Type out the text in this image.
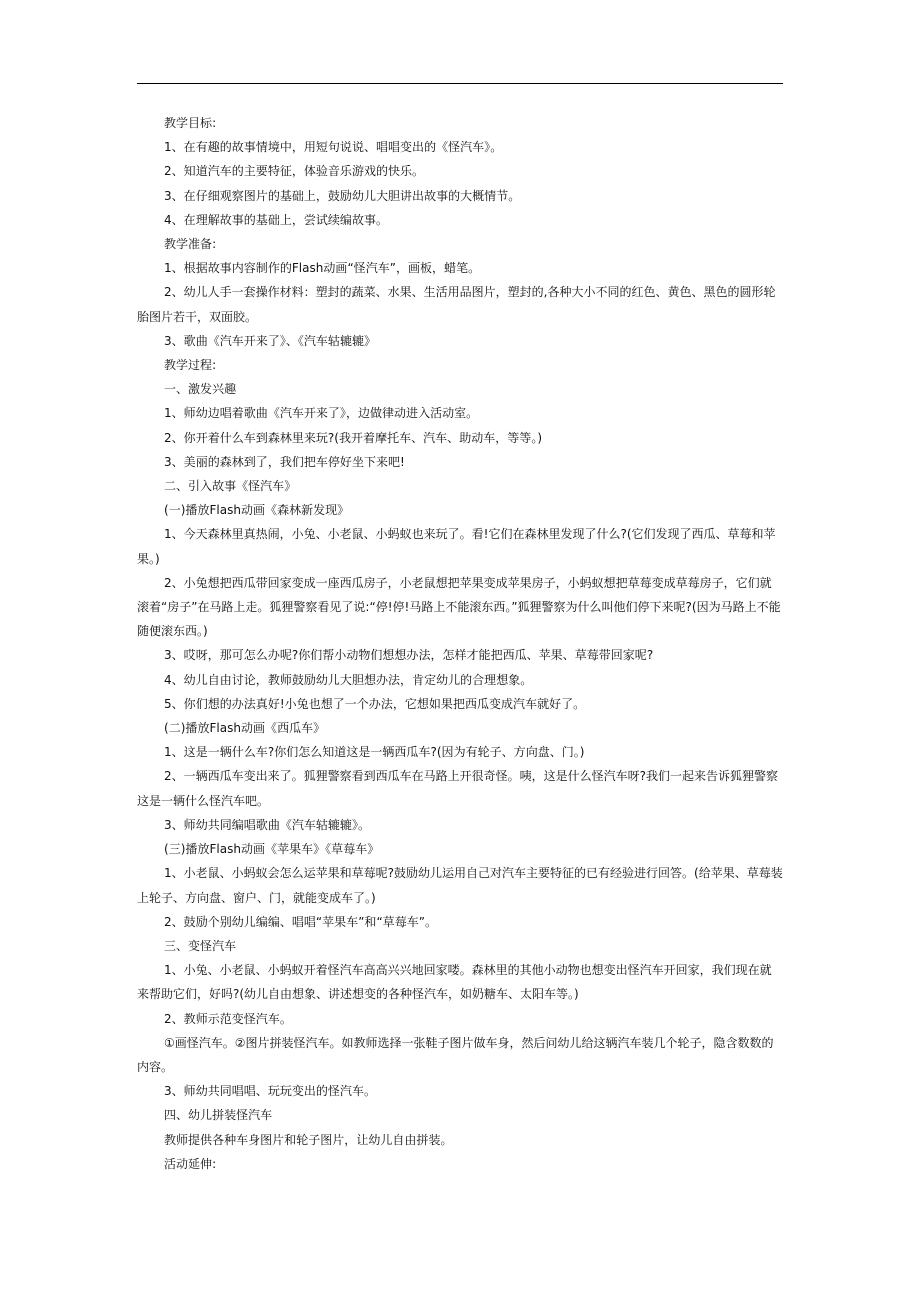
教学目标:
1、在有趣的故事情境中，用短句说说、唱唱变出的《怪汽车》。
2、知道汽车的主要特征，体验音乐游戏的快乐。
3、在仔细观察图片的基础上，鼓励幼儿大胆讲出故事的大概情节。
4、在理解故事的基础上，尝试续编故事。
教学准备:
1、根据故事内容制作的Flash动画“怪汽车”，画板，蜡笔。
2、幼儿人手一套操作材料：塑封的蔬菜、水果、生活用品图片，塑封的,各种大小不同的红色、黄色、黑色的圆形轮胎图片若干，双面胶。
3、歌曲《汽车开来了》、《汽车轱辘辘》
教学过程:
一、激发兴趣
1、师幼边唱着歌曲《汽车开来了》，边做律动进入活动室。
2、你开着什么车到森林里来玩?(我开着摩托车、汽车、助动车，等等。)
3、美丽的森林到了，我们把车停好坐下来吧!
二、引入故事《怪汽车》
(一)播放Flash动画《森林新发现》
1、今天森林里真热闹，小兔、小老鼠、小蚂蚁也来玩了。看!它们在森林里发现了什么?(它们发现了西瓜、草莓和苹果。)
2、小兔想把西瓜带回家变成一座西瓜房子，小老鼠想把苹果变成苹果房子，小蚂蚁想把草莓变成草莓房子，它们就滚着“房子”在马路上走。狐狸警察看见了说:“停!停!马路上不能滚东西。”狐狸警察为什么叫他们停下来呢?(因为马路上不能随便滚东西。)
3、哎呀，那可怎么办呢?你们帮小动物们想想办法，怎样才能把西瓜、苹果、草莓带回家呢?
4、幼儿自由讨论，教师鼓励幼儿大胆想办法，肯定幼儿的合理想象。
5、你们想的办法真好!小兔也想了一个办法，它想如果把西瓜变成汽车就好了。
(二)播放Flash动画《西瓜车》
1、这是一辆什么车?你们怎么知道这是一辆西瓜车?(因为有轮子、方向盘、门。)
2、一辆西瓜车变出来了。狐狸警察看到西瓜车在马路上开很奇怪。咦，这是什么怪汽车呀?我们一起来告诉狐狸警察这是一辆什么怪汽车吧。
3、师幼共同编唱歌曲《汽车轱辘辘》。
(三)播放Flash动画《苹果车》《草莓车》
1、小老鼠、小蚂蚁会怎么运苹果和草莓呢?鼓励幼儿运用自己对汽车主要特征的已有经验进行回答。(给苹果、草莓装上轮子、方向盘、窗户、门，就能变成车了。)
2、鼓励个别幼儿编编、唱唱“苹果车”和“草莓车”。
三、变怪汽车
1、小兔、小老鼠、小蚂蚁开着怪汽车高高兴兴地回家喽。森林里的其他小动物也想变出怪汽车开回家，我们现在就来帮助它们，好吗?(幼儿自由想象、讲述想变的各种怪汽车，如奶糖车、太阳车等。)
2、教师示范变怪汽车。
①画怪汽车。②图片拼装怪汽车。如教师选择一张鞋子图片做车身，然后问幼儿给这辆汽车装几个轮子，隐含数数的内容。
3、师幼共同唱唱、玩玩变出的怪汽车。
四、幼儿拼装怪汽车
教师提供各种车身图片和轮子图片，让幼儿自由拼装。
活动延伸:
